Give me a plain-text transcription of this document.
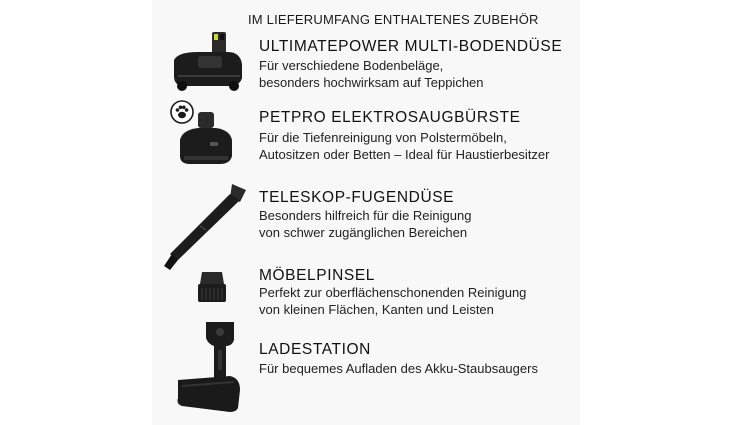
IM LIEFERUMFANG ENTHALTENES ZUBEHÖR
ULTIMATEPOWER MULTI-BODENDÜSE
Für verschiedene Bodenbeläge,
besonders hochwirksam auf Teppichen
PETPRO ELEKTROSAUGBÜRSTE
Für die Tiefenreinigung von Polstermöbeln,
Autositzen oder Betten – Ideal für Haustierbesitzer
TELESKOP-FUGENDÜSE
Besonders hilfreich für die Reinigung
von schwer zugänglichen Bereichen
MÖBELPINSEL
Perfekt zur oberflächenschonenden Reinigung
von kleinen Flächen, Kanten und Leisten
LADESTATION
Für bequemes Aufladen des Akku-Staubsaugers
